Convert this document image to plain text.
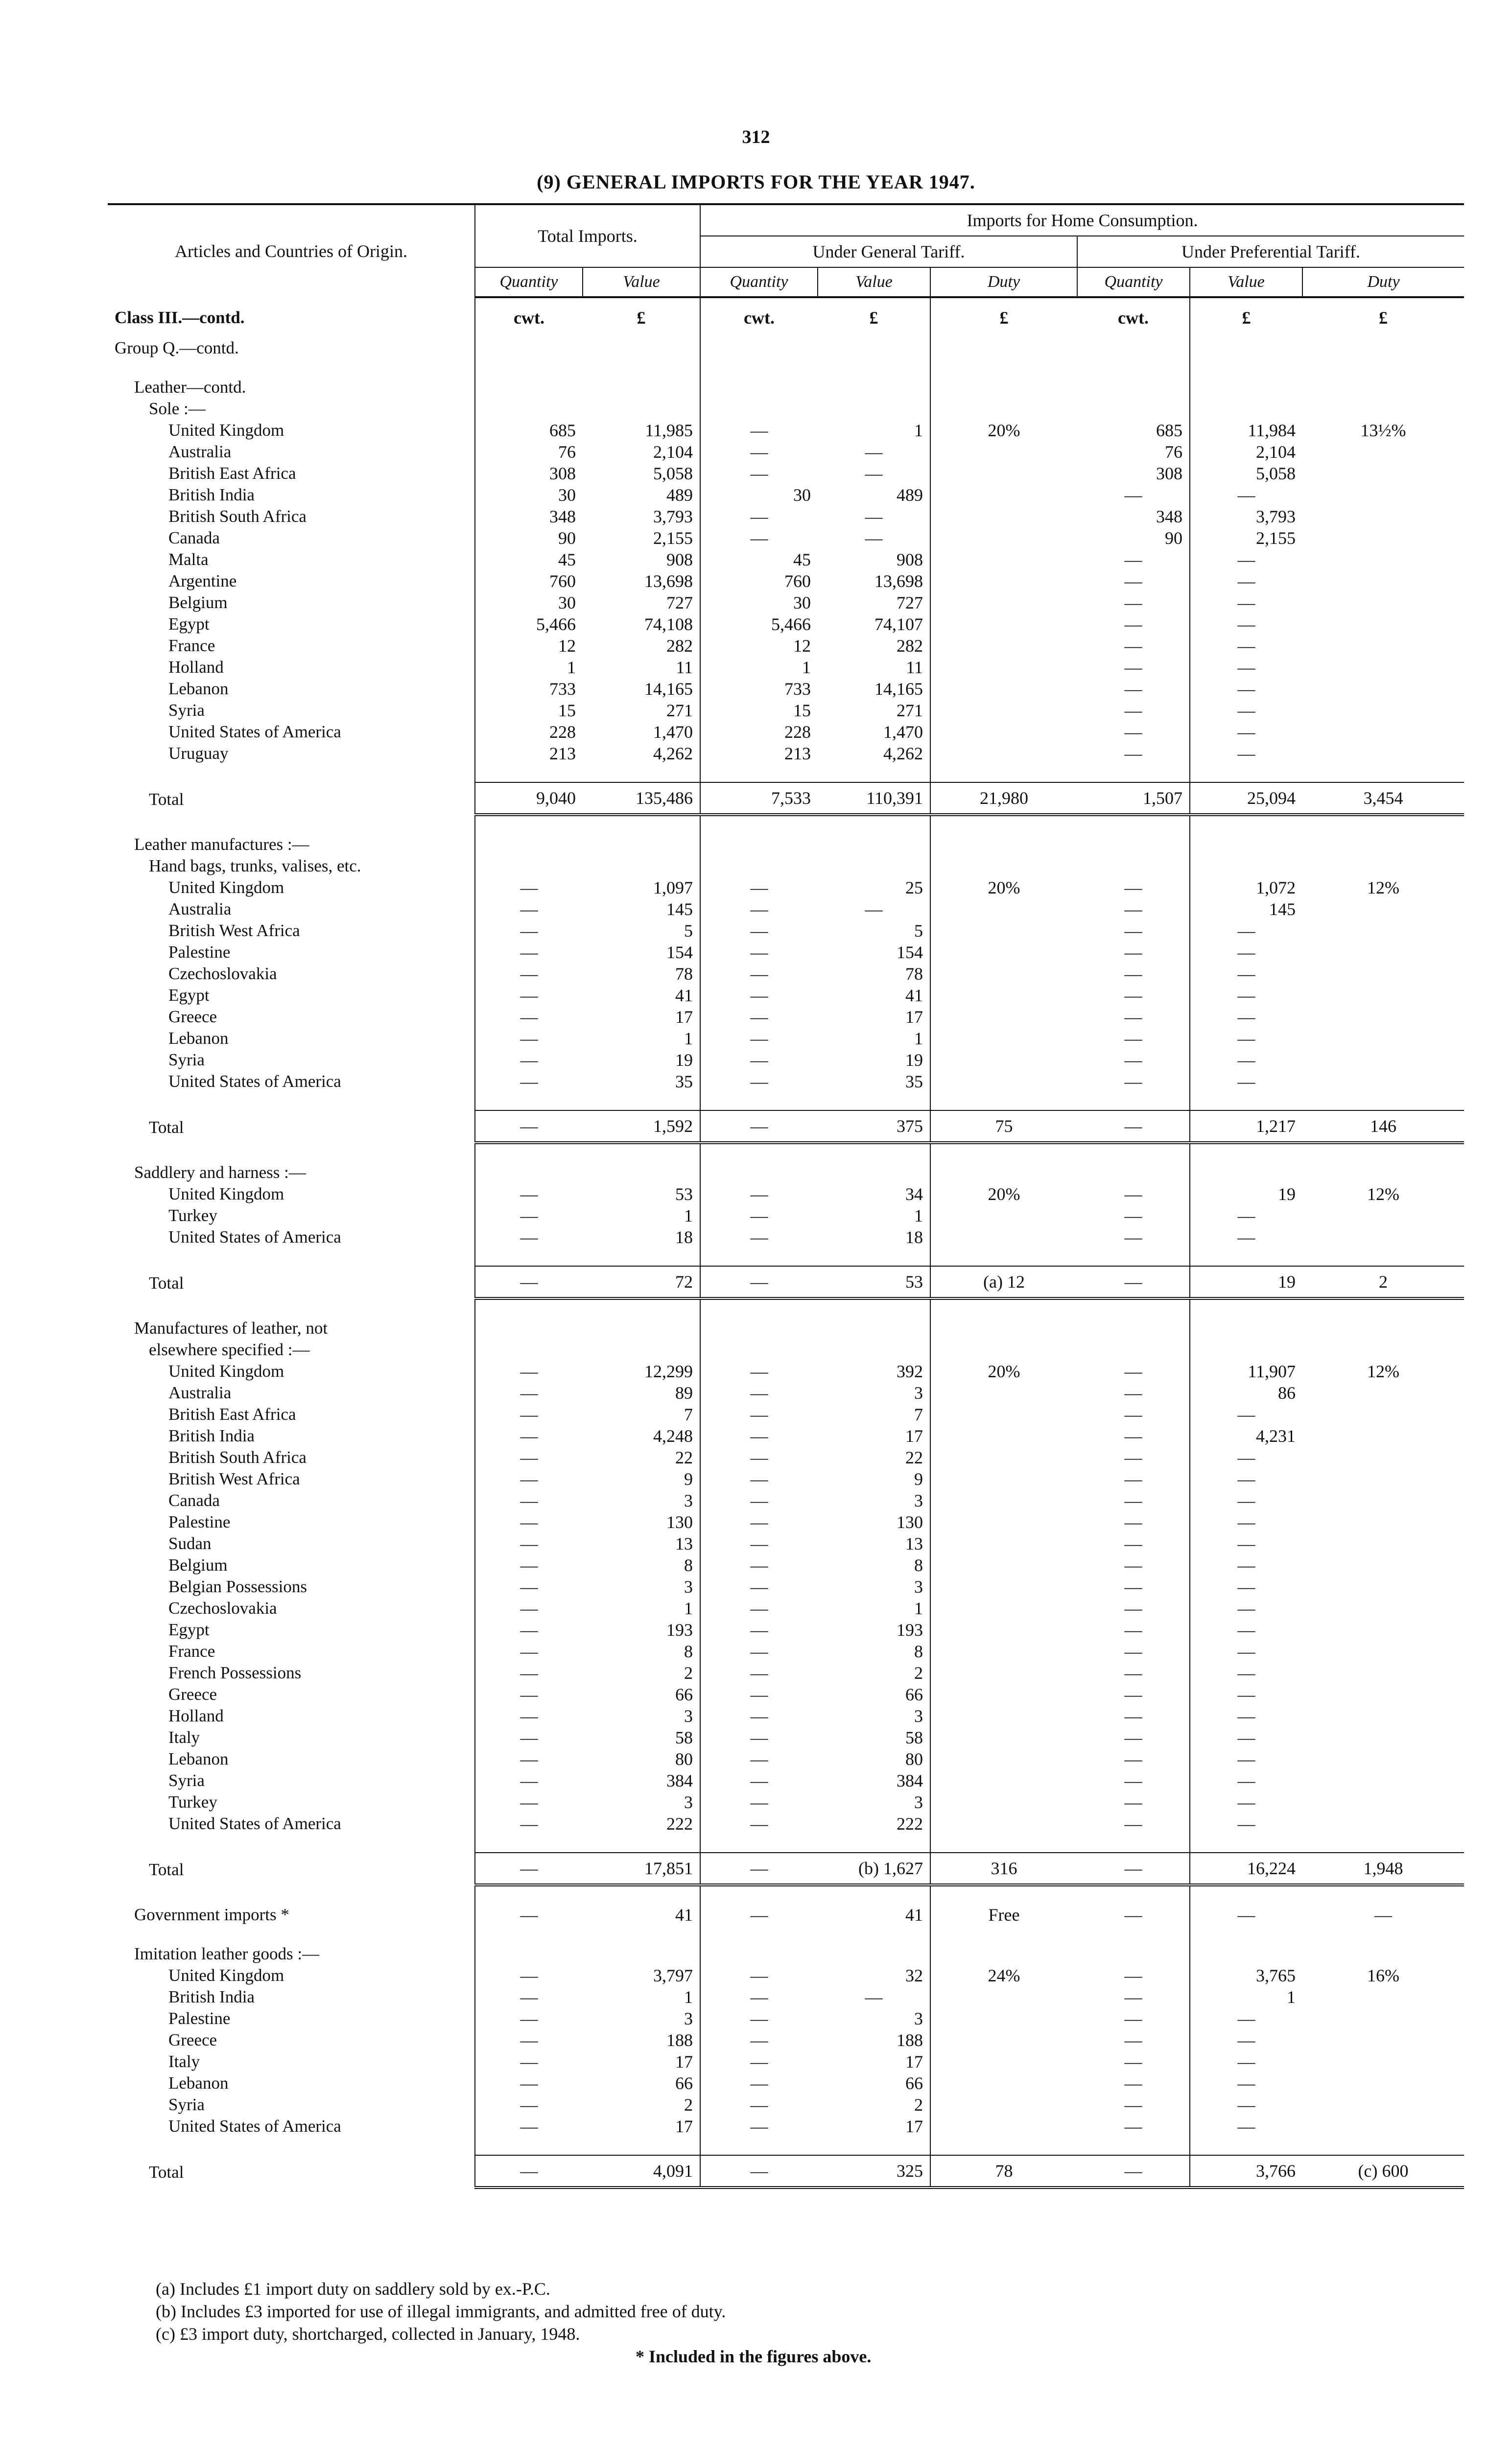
312
(9) GENERAL IMPORTS FOR THE YEAR 1947.
Articles and Countries of Origin.	Total Imports.		Imports for Home Consumption.					
			Under General Tariff.			Under Preferential Tariff.		
	Quantity	Value	Quantity	Value	Duty	Quantity	Value	Duty
Class III.—contd.	cwt.	£	cwt.	£	£	cwt.	£	£
Group Q.—contd.								

Leather—contd.								
Sole :—								
United Kingdom	685	11,985	—	1	20%	685	11,984	13½%
Australia	76	2,104	—	—		76	2,104	
British East Africa	308	5,058	—	—		308	5,058	
British India	30	489	30	489		—	—	
British South Africa	348	3,793	—	—		348	3,793	
Canada	90	2,155	—	—		90	2,155	
Malta	45	908	45	908		—	—	
Argentine	760	13,698	760	13,698		—	—	
Belgium	30	727	30	727		—	—	
Egypt	5,466	74,108	5,466	74,107		—	—	
France	12	282	12	282		—	—	
Holland	1	11	1	11		—	—	
Lebanon	733	14,165	733	14,165		—	—	
Syria	15	271	15	271		—	—	
United States of America	228	1,470	228	1,470		—	—	
Uruguay	213	4,262	213	4,262		—	—	

Total	9,040	135,486	7,533	110,391	21,980	1,507	25,094	3,454

Leather manufactures :—								
Hand bags, trunks, valises, etc.								
United Kingdom	—	1,097	—	25	20%	—	1,072	12%
Australia	—	145	—	—		—	145	
British West Africa	—	5	—	5		—	—	
Palestine	—	154	—	154		—	—	
Czechoslovakia	—	78	—	78		—	—	
Egypt	—	41	—	41		—	—	
Greece	—	17	—	17		—	—	
Lebanon	—	1	—	1		—	—	
Syria	—	19	—	19		—	—	
United States of America	—	35	—	35		—	—	

Total	—	1,592	—	375	75	—	1,217	146

Saddlery and harness :—								
United Kingdom	—	53	—	34	20%	—	19	12%
Turkey	—	1	—	1		—	—	
United States of America	—	18	—	18		—	—	

Total	—	72	—	53	(a) 12	—	19	2

Manufactures of leather, not								
elsewhere specified :—								
United Kingdom	—	12,299	—	392	20%	—	11,907	12%
Australia	—	89	—	3		—	86	
British East Africa	—	7	—	7		—	—	
British India	—	4,248	—	17		—	4,231	
British South Africa	—	22	—	22		—	—	
British West Africa	—	9	—	9		—	—	
Canada	—	3	—	3		—	—	
Palestine	—	130	—	130		—	—	
Sudan	—	13	—	13		—	—	
Belgium	—	8	—	8		—	—	
Belgian Possessions	—	3	—	3		—	—	
Czechoslovakia	—	1	—	1		—	—	
Egypt	—	193	—	193		—	—	
France	—	8	—	8		—	—	
French Possessions	—	2	—	2		—	—	
Greece	—	66	—	66		—	—	
Holland	—	3	—	3		—	—	
Italy	—	58	—	58		—	—	
Lebanon	—	80	—	80		—	—	
Syria	—	384	—	384		—	—	
Turkey	—	3	—	3		—	—	
United States of America	—	222	—	222		—	—	

Total	—	17,851	—	(b) 1,627	316	—	16,224	1,948

Government imports *	—	41	—	41	Free	—	—	—

Imitation leather goods :—								
United Kingdom	—	3,797	—	32	24%	—	3,765	16%
British India	—	1	—	—		—	1	
Palestine	—	3	—	3		—	—	
Greece	—	188	—	188		—	—	
Italy	—	17	—	17		—	—	
Lebanon	—	66	—	66		—	—	
Syria	—	2	—	2		—	—	
United States of America	—	17	—	17		—	—	

Total	—	4,091	—	325	78	—	3,766	(c) 600
(a) Includes £1 import duty on saddlery sold by ex.-P.C.
(b) Includes £3 imported for use of illegal immigrants, and admitted free of duty.
(c) £3 import duty, shortcharged, collected in January, 1948.
* Included in the figures above.
